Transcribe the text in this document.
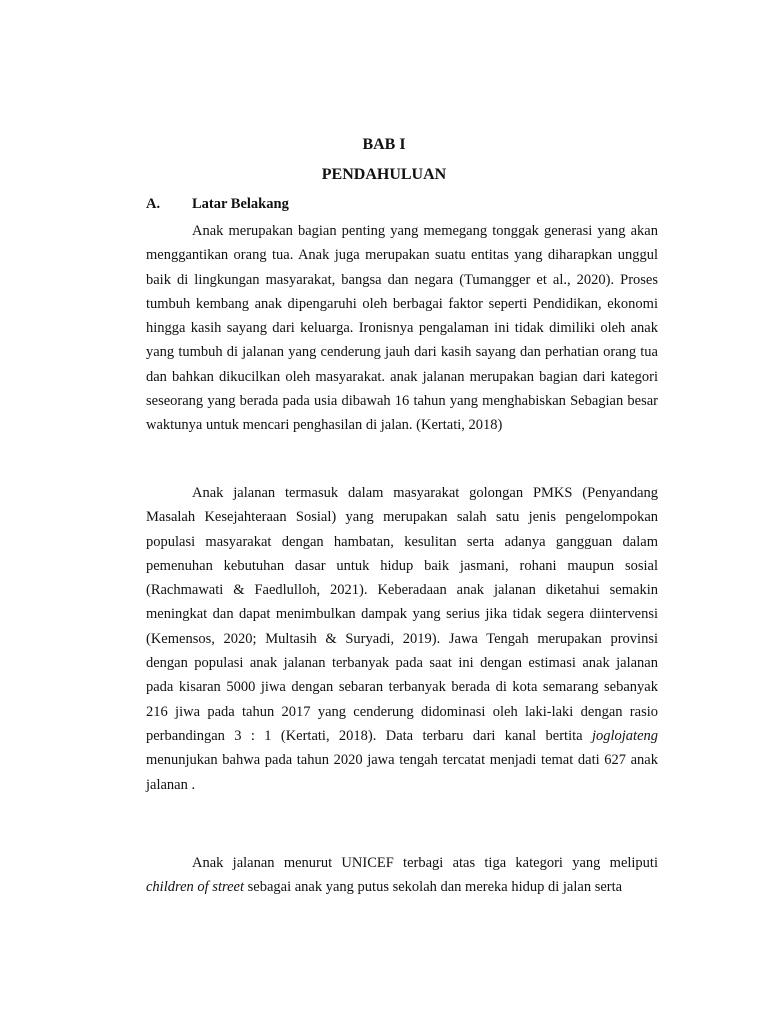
BAB I
PENDAHULUAN
A. Latar Belakang

Anak merupakan bagian penting yang memegang tonggak generasi yang akan menggantikan orang tua. Anak juga merupakan suatu entitas yang diharapkan unggul baik di lingkungan masyarakat, bangsa dan negara (Tumangger et al., 2020). Proses tumbuh kembang anak dipengaruhi oleh berbagai faktor seperti Pendidikan, ekonomi hingga kasih sayang dari keluarga. Ironisnya pengalaman ini tidak dimiliki oleh anak yang tumbuh di jalanan yang cenderung jauh dari kasih sayang dan perhatian orang tua dan bahkan dikucilkan oleh masyarakat. anak jalanan merupakan bagian dari kategori seseorang yang berada pada usia dibawah 16 tahun yang menghabiskan Sebagian besar waktunya untuk mencari penghasilan di jalan. (Kertati, 2018)

Anak jalanan termasuk dalam masyarakat golongan PMKS (Penyandang Masalah Kesejahteraan Sosial) yang merupakan salah satu jenis pengelompokan populasi masyarakat dengan hambatan, kesulitan serta adanya gangguan dalam pemenuhan kebutuhan dasar untuk hidup baik jasmani, rohani maupun sosial (Rachmawati & Faedlulloh, 2021). Keberadaan anak jalanan diketahui semakin meningkat dan dapat menimbulkan dampak yang serius jika tidak segera diintervensi (Kemensos, 2020; Multasih & Suryadi, 2019). Jawa Tengah merupakan provinsi dengan populasi anak jalanan terbanyak pada saat ini dengan estimasi anak jalanan pada kisaran 5000 jiwa dengan sebaran terbanyak berada di kota semarang sebanyak 216 jiwa pada tahun 2017 yang cenderung didominasi oleh laki-laki dengan rasio perbandingan 3 : 1 (Kertati, 2018). Data terbaru dari kanal bertita joglojateng menunjukan bahwa pada tahun 2020 jawa tengah tercatat menjadi temat dati 627 anak jalanan .

Anak jalanan menurut UNICEF terbagi atas tiga kategori yang meliputi children of street sebagai anak yang putus sekolah dan mereka hidup di jalan serta
